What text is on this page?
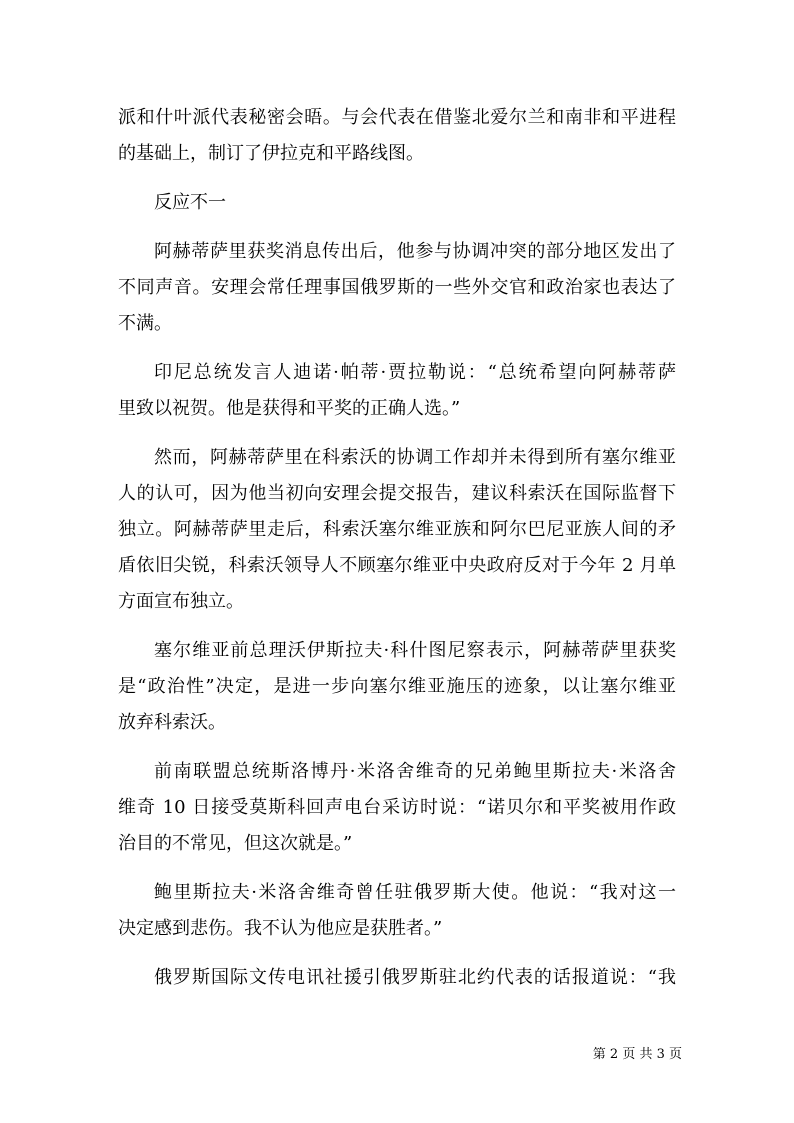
派和什叶派代表秘密会晤。与会代表在借鉴北爱尔兰和南非和平进程
的基础上，制订了伊拉克和平路线图。
反应不一
阿赫蒂萨里获奖消息传出后，他参与协调冲突的部分地区发出了
不同声音。安理会常任理事国俄罗斯的一些外交官和政治家也表达了
不满。
印尼总统发言人迪诺·帕蒂·贾拉勒说：“总统希望向阿赫蒂萨
里致以祝贺。他是获得和平奖的正确人选。”
然而，阿赫蒂萨里在科索沃的协调工作却并未得到所有塞尔维亚
人的认可，因为他当初向安理会提交报告，建议科索沃在国际监督下
独立。阿赫蒂萨里走后，科索沃塞尔维亚族和阿尔巴尼亚族人间的矛
盾依旧尖锐，科索沃领导人不顾塞尔维亚中央政府反对于今年 2 月单
方面宣布独立。
塞尔维亚前总理沃伊斯拉夫·科什图尼察表示，阿赫蒂萨里获奖
是“政治性”决定，是进一步向塞尔维亚施压的迹象，以让塞尔维亚
放弃科索沃。
前南联盟总统斯洛博丹·米洛舍维奇的兄弟鲍里斯拉夫·米洛舍
维奇 10 日接受莫斯科回声电台采访时说：“诺贝尔和平奖被用作政
治目的不常见，但这次就是。”
鲍里斯拉夫·米洛舍维奇曾任驻俄罗斯大使。他说：“我对这一
决定感到悲伤。我不认为他应是获胜者。”
俄罗斯国际文传电讯社援引俄罗斯驻北约代表的话报道说：“我
第 2 页 共 3 页
